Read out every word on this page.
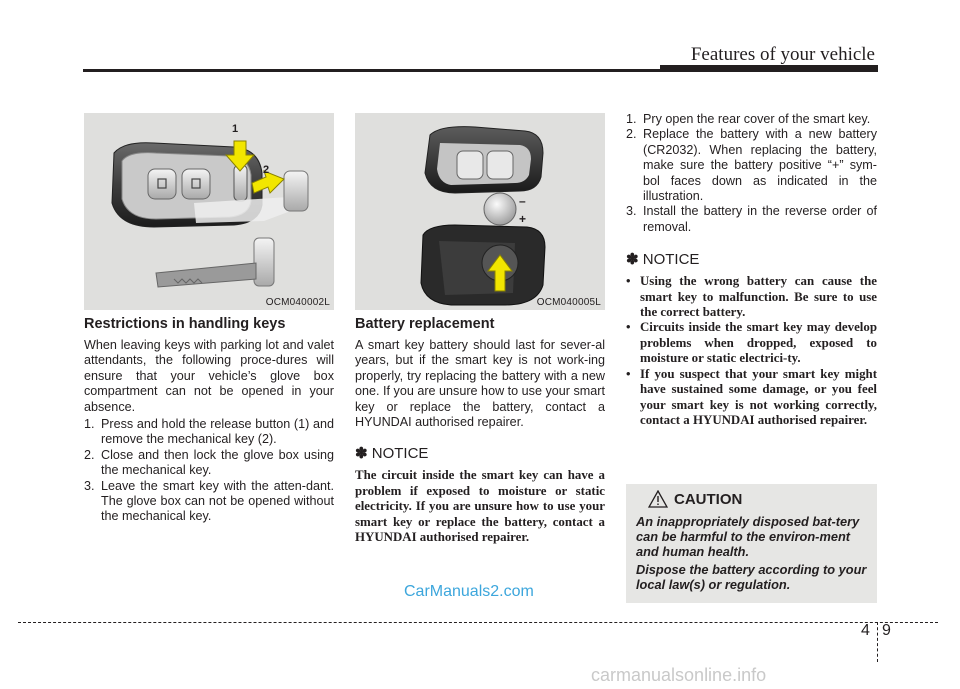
Features of your vehicle
1
2
OCM040002L
–
+
OCM040005L
Restrictions in handling keys
When leaving keys with parking lot and valet attendants, the following proce-dures will ensure that your vehicle’s glove box compartment can not be opened in your absence.
1. Press and hold the release button (1) and remove the mechanical key (2).
2. Close and then lock the glove box using the mechanical key.
3. Leave the smart key with the atten-dant. The glove box can not be opened without the mechanical key.
Battery replacement
A smart key battery should last for sever-al years, but if the smart key is not work-ing properly, try replacing the battery with a new one. If you are unsure how to use your smart key or replace the battery, contact a HYUNDAI authorised repairer.
✽ NOTICE
The circuit inside the smart key can have a problem if exposed to moisture or static electricity. If you are unsure how to use your smart key or replace the battery, contact a HYUNDAI authorised repairer.
1. Pry open the rear cover of the smart key.
2. Replace the battery with a new battery (CR2032). When replacing the battery, make sure the battery positive “+” sym-bol faces down as indicated in the illustration.
3. Install the battery in the reverse order of removal.
✽ NOTICE
• Using the wrong battery can cause the smart key to malfunction. Be sure to use the correct battery.
• Circuits inside the smart key may develop problems when dropped, exposed to moisture or static electrici-ty.
• If you suspect that your smart key might have sustained some damage, or you feel your smart key is not working correctly, contact a HYUNDAI authorised repairer.
CAUTION
An inappropriately disposed bat-tery can be harmful to the environ-ment and human health.
Dispose the battery according to your local law(s) or regulation.
CarManuals2.com
4 9
carmanualsonline.info
